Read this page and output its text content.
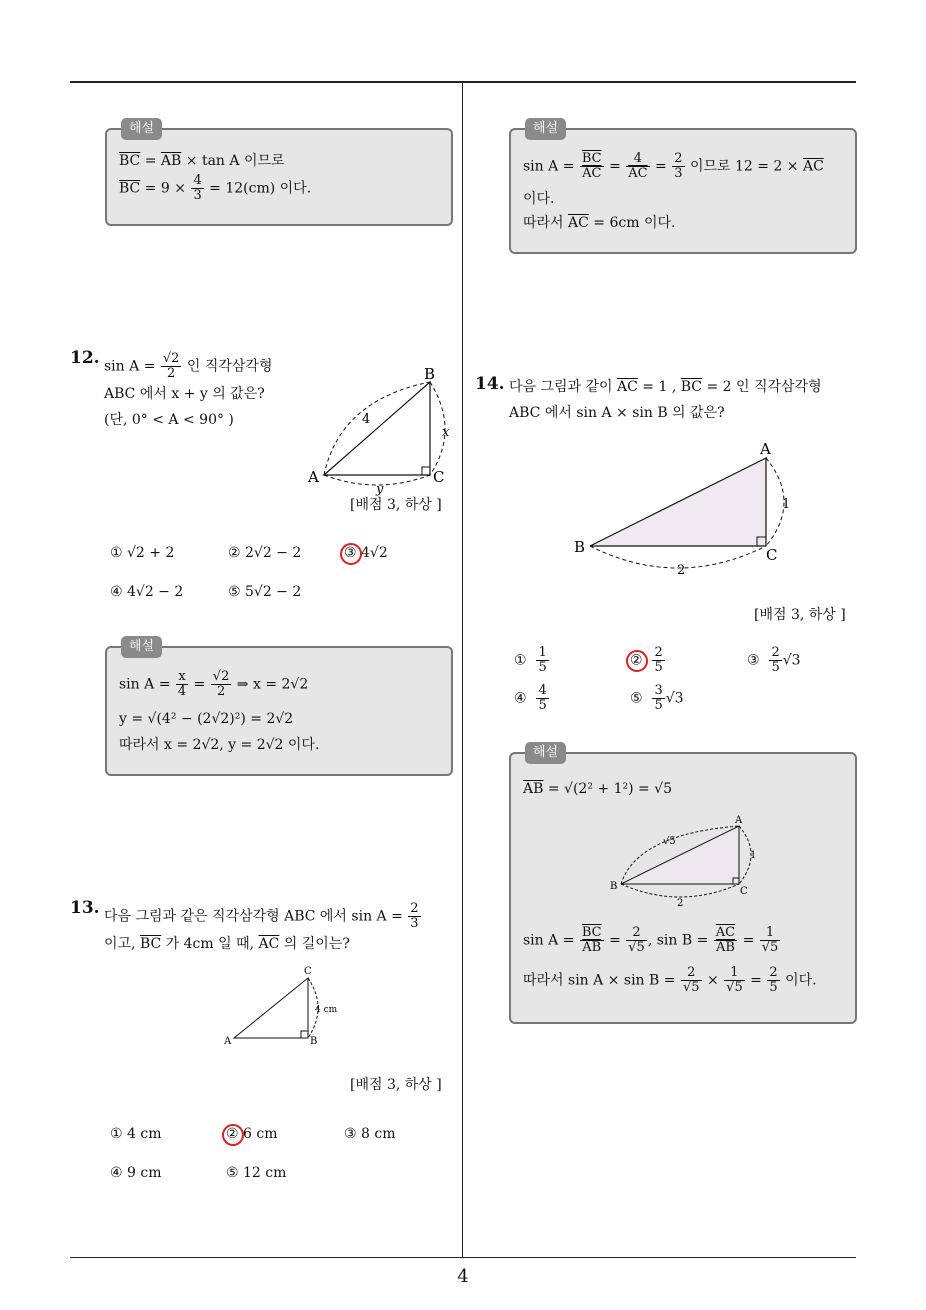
4
해설
$\overline{BC} = \overline{AB} \times \tan A$ 이므로
$\overline{BC} = 9 \times \frac{4}{3} = 12(cm)$ 이다.
12. $\sin A = \frac{√2}{2}$ 인 직각삼각형
ABC 에서 x + y 의 값은?
(단, 0° < A < 90° )
B
A	C
4
x
y
[배점 3, 하상 ]
① √2 + 2	② 2√2 − 2	③ 4√2
④ 4√2 − 2	⑤ 5√2 − 2
해설
$\sin A = \frac{x}{4} = \frac{√2}{2}$ ⇒ x = 2√2
y = √(4² − (2√2)²) = 2√2
따라서 x = 2√2, y = 2√2 이다.
13. 다음 그림과 같은 직각삼각형 ABC 에서 $\sin A = \frac{2}{3}$
이고, $\overline{BC}$ 가 4cm 일 때, $\overline{AC}$ 의 길이는?
C
A	B
4 cm
[배점 3, 하상 ]
① 4 cm	② 6 cm	③ 8 cm
④ 9 cm	⑤ 12 cm
해설
$\sin A = \frac{\overline{BC}}{AC} = \frac{4}{AC} = \frac{2}{3}$ 이므로 $12 = 2 \times \overline{AC}$
이다.
따라서 $\overline{AC} = 6cm$ 이다.
14. 다음 그림과 같이 $\overline{AC} = 1$ , $\overline{BC} = 2$ 인 직각삼각형
ABC 에서 sin A × sin B 의 값은?
A
B	C
1
2
[배점 3, 하상 ]
① $\frac{1}{5}$	② $\frac{2}{5}$	③ $\frac{2}{5} √3$
④ $\frac{4}{5}$	⑤ $\frac{3}{5} √3$
해설
$\overline{AB} = √(2^2 + 1^2) = √5$
A
B	C
√5
1
2
$\sin A = \frac{\overline{BC}}{AB} = \frac{2}{√5}$ , $\sin B = \frac{\overline{AC}}{AB} = \frac{1}{√5}$
따라서 $\sin A \times \sin B = \frac{2}{√5} \times \frac{1}{√5} = \frac{2}{5}$ 이다.
